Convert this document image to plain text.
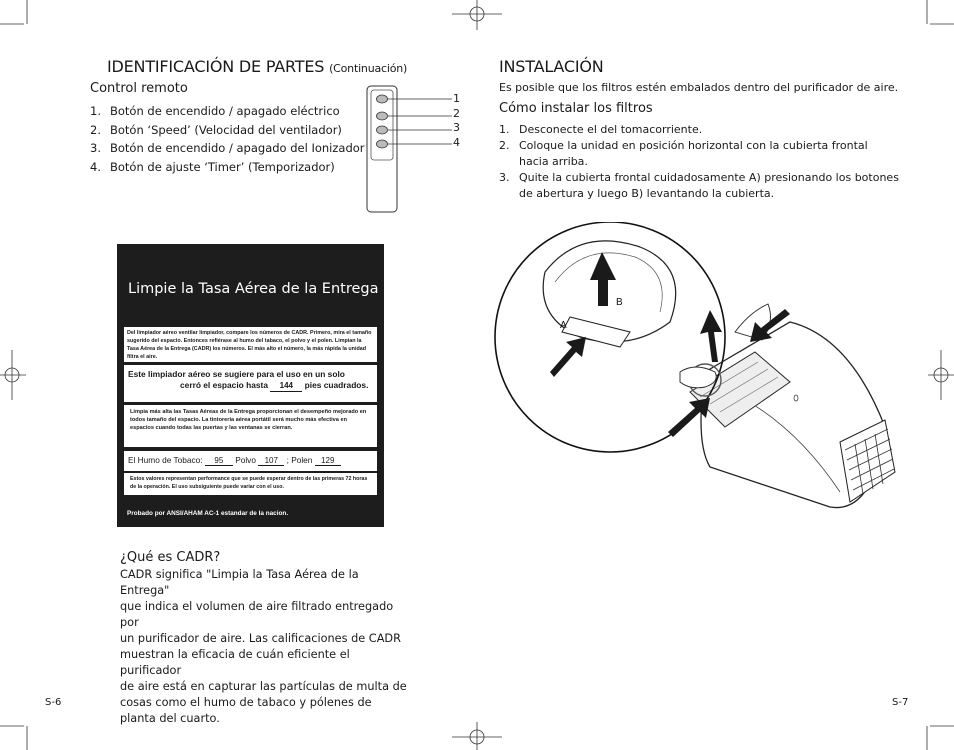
IDENTIFICACIÓN DE PARTES (Continuación)
Control remoto
1. Botón de encendido / apagado eléctrico
2. Botón ‘Speed’ (Velocidad del ventilador)
3. Botón de encendido / apagado del Ionizador
4. Botón de ajuste ‘Timer’ (Temporizador)
1
2
3
4
Limpie la Tasa Aérea de la Entrega
Del limpiador aéreo ventilar limpiador, compare los números de CADR. Primero, mira el tamaño sugerido del espacio. Entonces refiérase al humo del tabaco, el polvo y el polen. Limpian la Tasa Aérea de la Entrega (CADR) los números. El más alto el número, la más rápida la unidad filtra el aire.
Este limpiador aéreo se sugiere para el uso en un solo
cerró el espacio hasta 144 pies cuadrados.
Limpia más alta las Tasas Aéreas de la Entrega proporcionan el desempeño mejorado en todos tamaño del espacio. La tintorería aérea portátil será mucho más efectiva en espacios cuando todas las puertas y las ventanas se cierran.
El Humo de Tobaco: 95 Polvo 107 ; Polen 129
Estos valores representan performance que se puede esperar dentro de las primeras 72 horas de la operación. El uso subsiguiente puede variar con el uso.
Probado por ANSI/AHAM AC-1 estandar de la nacion.
¿Qué es CADR?
CADR significa "Limpia la Tasa Aérea de la Entrega"
que indica el volumen de aire filtrado entregado por
un purificador de aire. Las calificaciones de CADR
muestran la eficacia de cuán eficiente el purificador
de aire está en capturar las partículas de multa de
cosas como el humo de tabaco y pólenes de
planta del cuarto.
S-6
INSTALACIÓN
Es posible que los filtros estén embalados dentro del purificador de aire.
Cómo instalar los filtros
1. Desconecte el del tomacorriente.
2. Coloque la unidad en posición horizontal con la cubierta frontal
hacia arriba.
3. Quite la cubierta frontal cuidadosamente A) presionando los botones
de abertura y luego B) levantando la cubierta.
B
A
S-7
